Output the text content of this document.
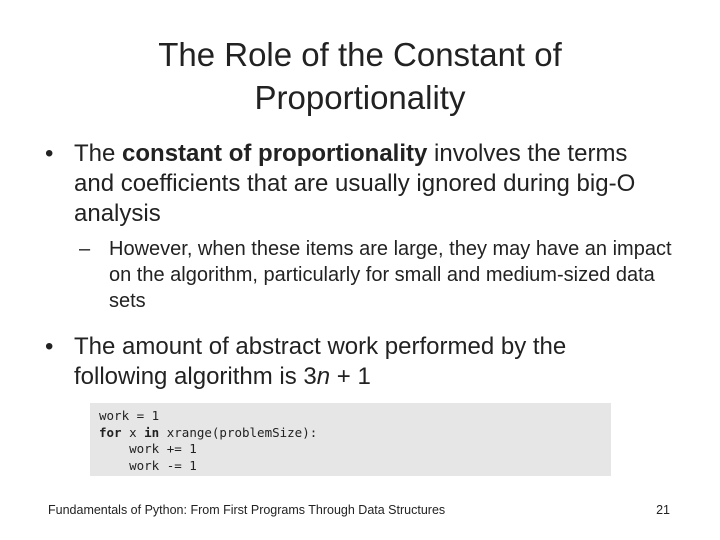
The Role of the Constant of
Proportionality
• The constant of proportionality involves the terms and coefficients that are usually ignored during big-O analysis
– However, when these items are large, they may have an impact on the algorithm, particularly for small and medium-sized data sets
• The amount of abstract work performed by the following algorithm is 3n + 1
work = 1
for x in xrange(problemSize):
work += 1
work -= 1
Fundamentals of Python: From First Programs Through Data Structures	21
